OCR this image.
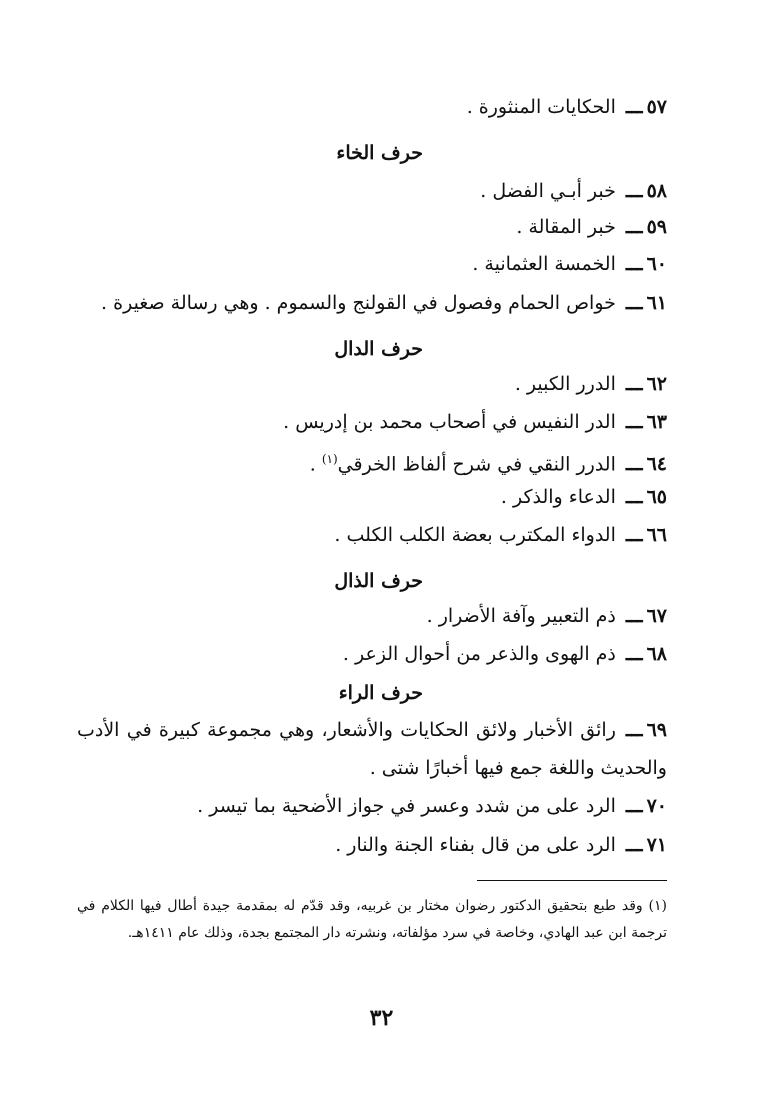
٥٧ـــالحكايات المنثورة .
حرف الخاء
٥٨ـــخبر أبـي الفضل .
٥٩ـــخبر المقالة .
٦٠ـــالخمسة العثمانية .
٦١ـــخواص الحمام وفصول في القولنج والسموم . وهي رسالة صغيرة .
حرف الدال
٦٢ـــالدرر الكبير .
٦٣ـــالدر النفيس في أصحاب محمد بن إدريس .
٦٤ـــالدرر النقي في شرح ألفاظ الخرقي$^{(١)}$ .
٦٥ـــالدعاء والذكر .
٦٦ـــالدواء المكترب بعضة الكلب الكلب .
حرف الذال
٦٧ـــذم التعبير وآفة الأضرار .
٦٨ـــذم الهوى والذعر من أحوال الزعر .
حرف الراء
٦٩ـــرائق الأخبار ولائق الحكايات والأشعار، وهي مجموعة كبيرة في الأدب والحديث واللغة جمع فيها أخبارًا شتى .
٧٠ـــالرد على من شدد وعسر في جواز الأضحية بما تيسر .
٧١ـــالرد على من قال بفناء الجنة والنار .
(١) وقد طبع بتحقيق الدكتور رضوان مختار بن غربيه، وقد قدّم له بمقدمة جيدة أطال فيها الكلام في ترجمة ابن عبد الهادي، وخاصة في سرد مؤلفاته، ونشرته دار المجتمع بجدة، وذلك عام ١٤١١هـ.
٣٢
